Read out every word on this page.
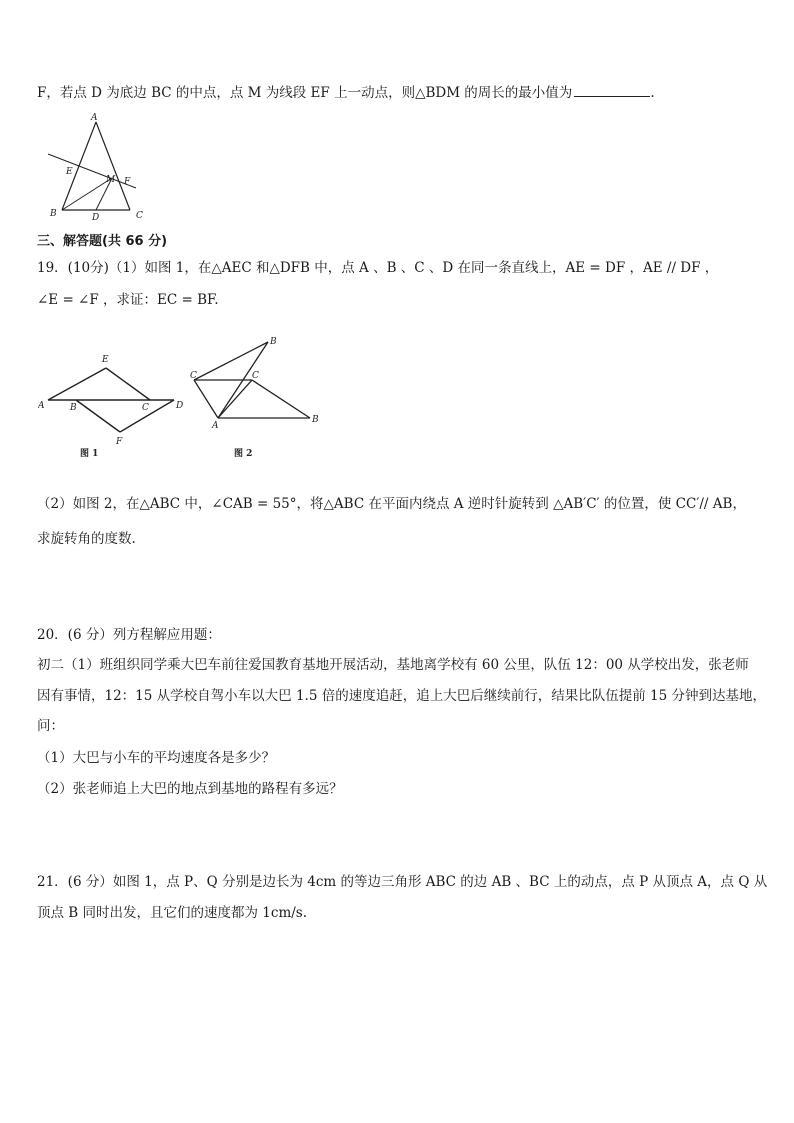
F，若点 D 为底边 BC 的中点，点 M 为线段 EF 上一动点，则△BDM 的周长的最小值为	.
A
E
M F
B	D	C
三、解答题(共 66 分)
19．(10分)（1）如图 1，在△AEC 和△DFB 中，点 A 、B 、C 、D 在同一条直线上，AE = DF ，AE // DF ，
∠E = ∠F ，求证：EC = BF.
E
A	B	C	D
F
图 1
B
C	C
A
B
图 2
（2）如图 2，在△ABC 中，∠CAB = 55°，将△ABC 在平面内绕点 A 逆时针旋转到 △AB′C′ 的位置，使 CC′// AB，
求旋转角的度数.
20．(6 分）列方程解应用题：
初二（1）班组织同学乘大巴车前往爱国教育基地开展活动，基地离学校有 60 公里，队伍 12：00 从学校出发，张老师
因有事情，12：15 从学校自驾小车以大巴 1.5 倍的速度追赶，追上大巴后继续前行，结果比队伍提前 15 分钟到达基地，
问：
（1）大巴与小车的平均速度各是多少？
（2）张老师追上大巴的地点到基地的路程有多远？
21．(6 分）如图 1，点 P、Q 分别是边长为 4cm 的等边三角形 ABC 的边 AB 、BC 上的动点，点 P 从顶点 A，点 Q 从
顶点 B 同时出发，且它们的速度都为 1cm/s.
